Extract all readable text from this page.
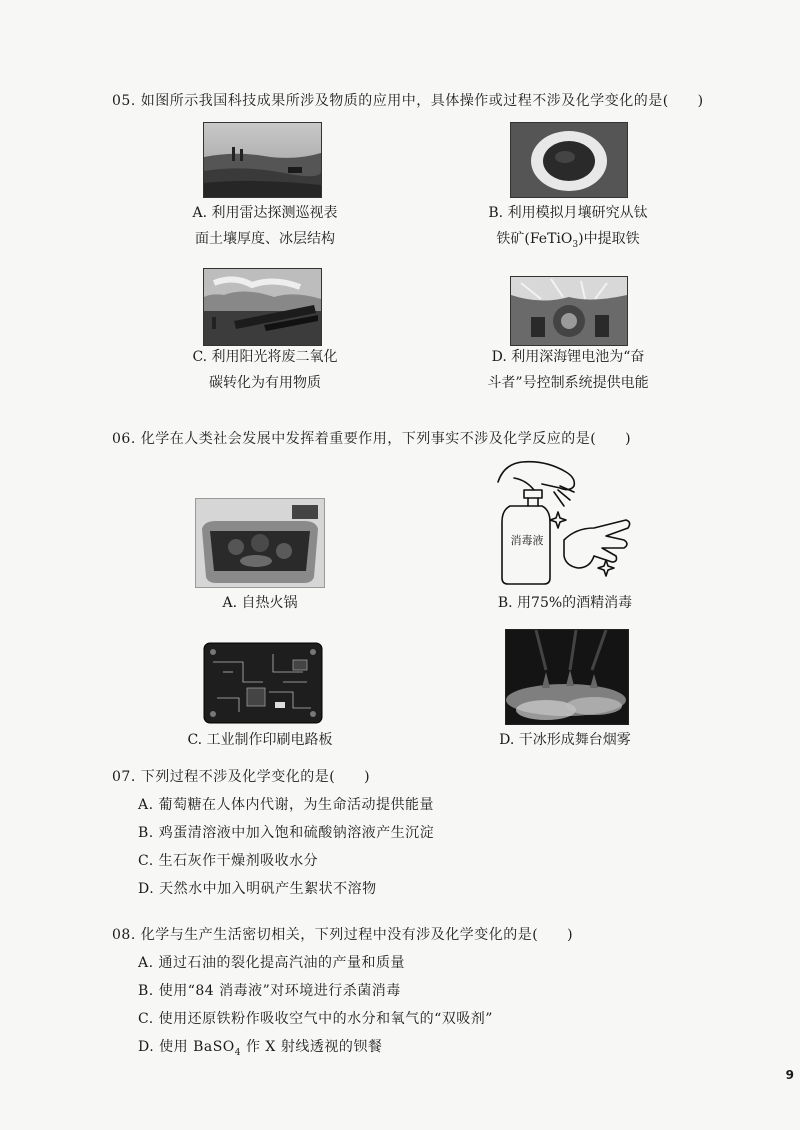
05. 如图所示我国科技成果所涉及物质的应用中，具体操作或过程不涉及化学变化的是(　　)
A. 利用雷达探测巡视表
面土壤厚度、冰层结构
B. 利用模拟月壤研究从钛
铁矿(FeTiO$_3$)中提取铁
C. 利用阳光将废二氧化
碳转化为有用物质
D. 利用深海锂电池为“奋
斗者”号控制系统提供电能
06. 化学在人类社会发展中发挥着重要作用，下列事实不涉及化学反应的是(　　)
消毒液
A. 自热火锅	B. 用75%的酒精消毒
C. 工业制作印刷电路板	D. 干冰形成舞台烟雾
07. 下列过程不涉及化学变化的是(　　)
A. 葡萄糖在人体内代谢，为生命活动提供能量
B. 鸡蛋清溶液中加入饱和硫酸钠溶液产生沉淀
C. 生石灰作干燥剂吸收水分
D. 天然水中加入明矾产生絮状不溶物
08. 化学与生产生活密切相关，下列过程中没有涉及化学变化的是(　　)
A. 通过石油的裂化提高汽油的产量和质量
B. 使用“84 消毒液”对环境进行杀菌消毒
C. 使用还原铁粉作吸收空气中的水分和氧气的“双吸剂”
D. 使用 BaSO$_4$ 作 X 射线透视的钡餐
9
